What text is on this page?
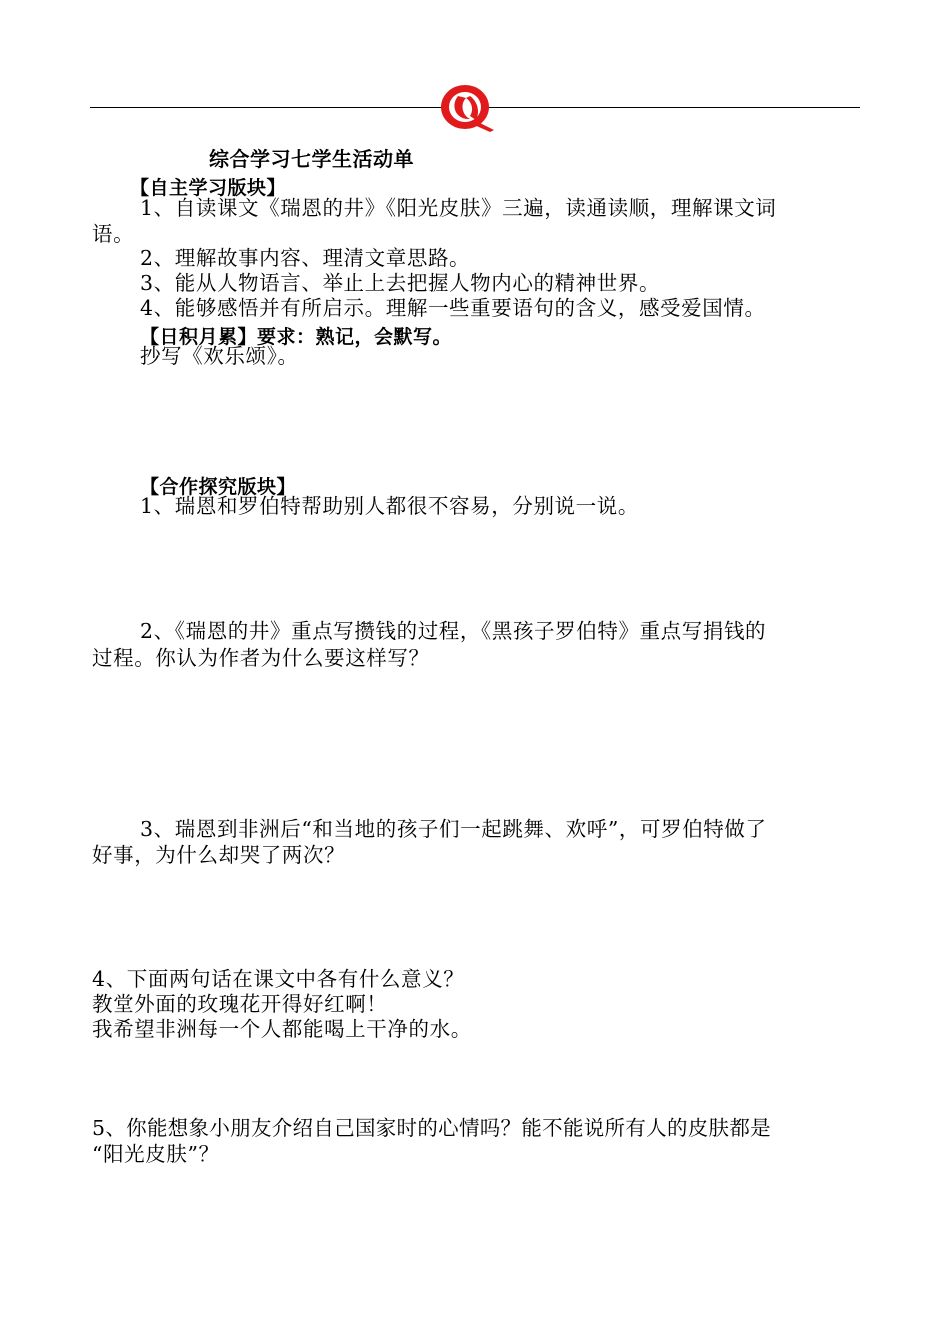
综合学习七学生活动单
【自主学习版块】
1、自读课文《瑞恩的井》《阳光皮肤》三遍，读通读顺，理解课文词
语。
2、理解故事内容、理清文章思路。
3、能从人物语言、举止上去把握人物内心的精神世界。
4、能够感悟并有所启示。理解一些重要语句的含义，感受爱国情。
【日积月累】要求：熟记，会默写。
抄写《欢乐颂》。
【合作探究版块】
1、瑞恩和罗伯特帮助别人都很不容易，分别说一说。
2、《瑞恩的井》重点写攒钱的过程，《黑孩子罗伯特》重点写捐钱的
过程。你认为作者为什么要这样写？
3、瑞恩到非洲后“和当地的孩子们一起跳舞、欢呼”，可罗伯特做了
好事，为什么却哭了两次？
4、下面两句话在课文中各有什么意义？
教堂外面的玫瑰花开得好红啊！
我希望非洲每一个人都能喝上干净的水。
5、你能想象小朋友介绍自己国家时的心情吗？能不能说所有人的皮肤都是
“阳光皮肤”？
